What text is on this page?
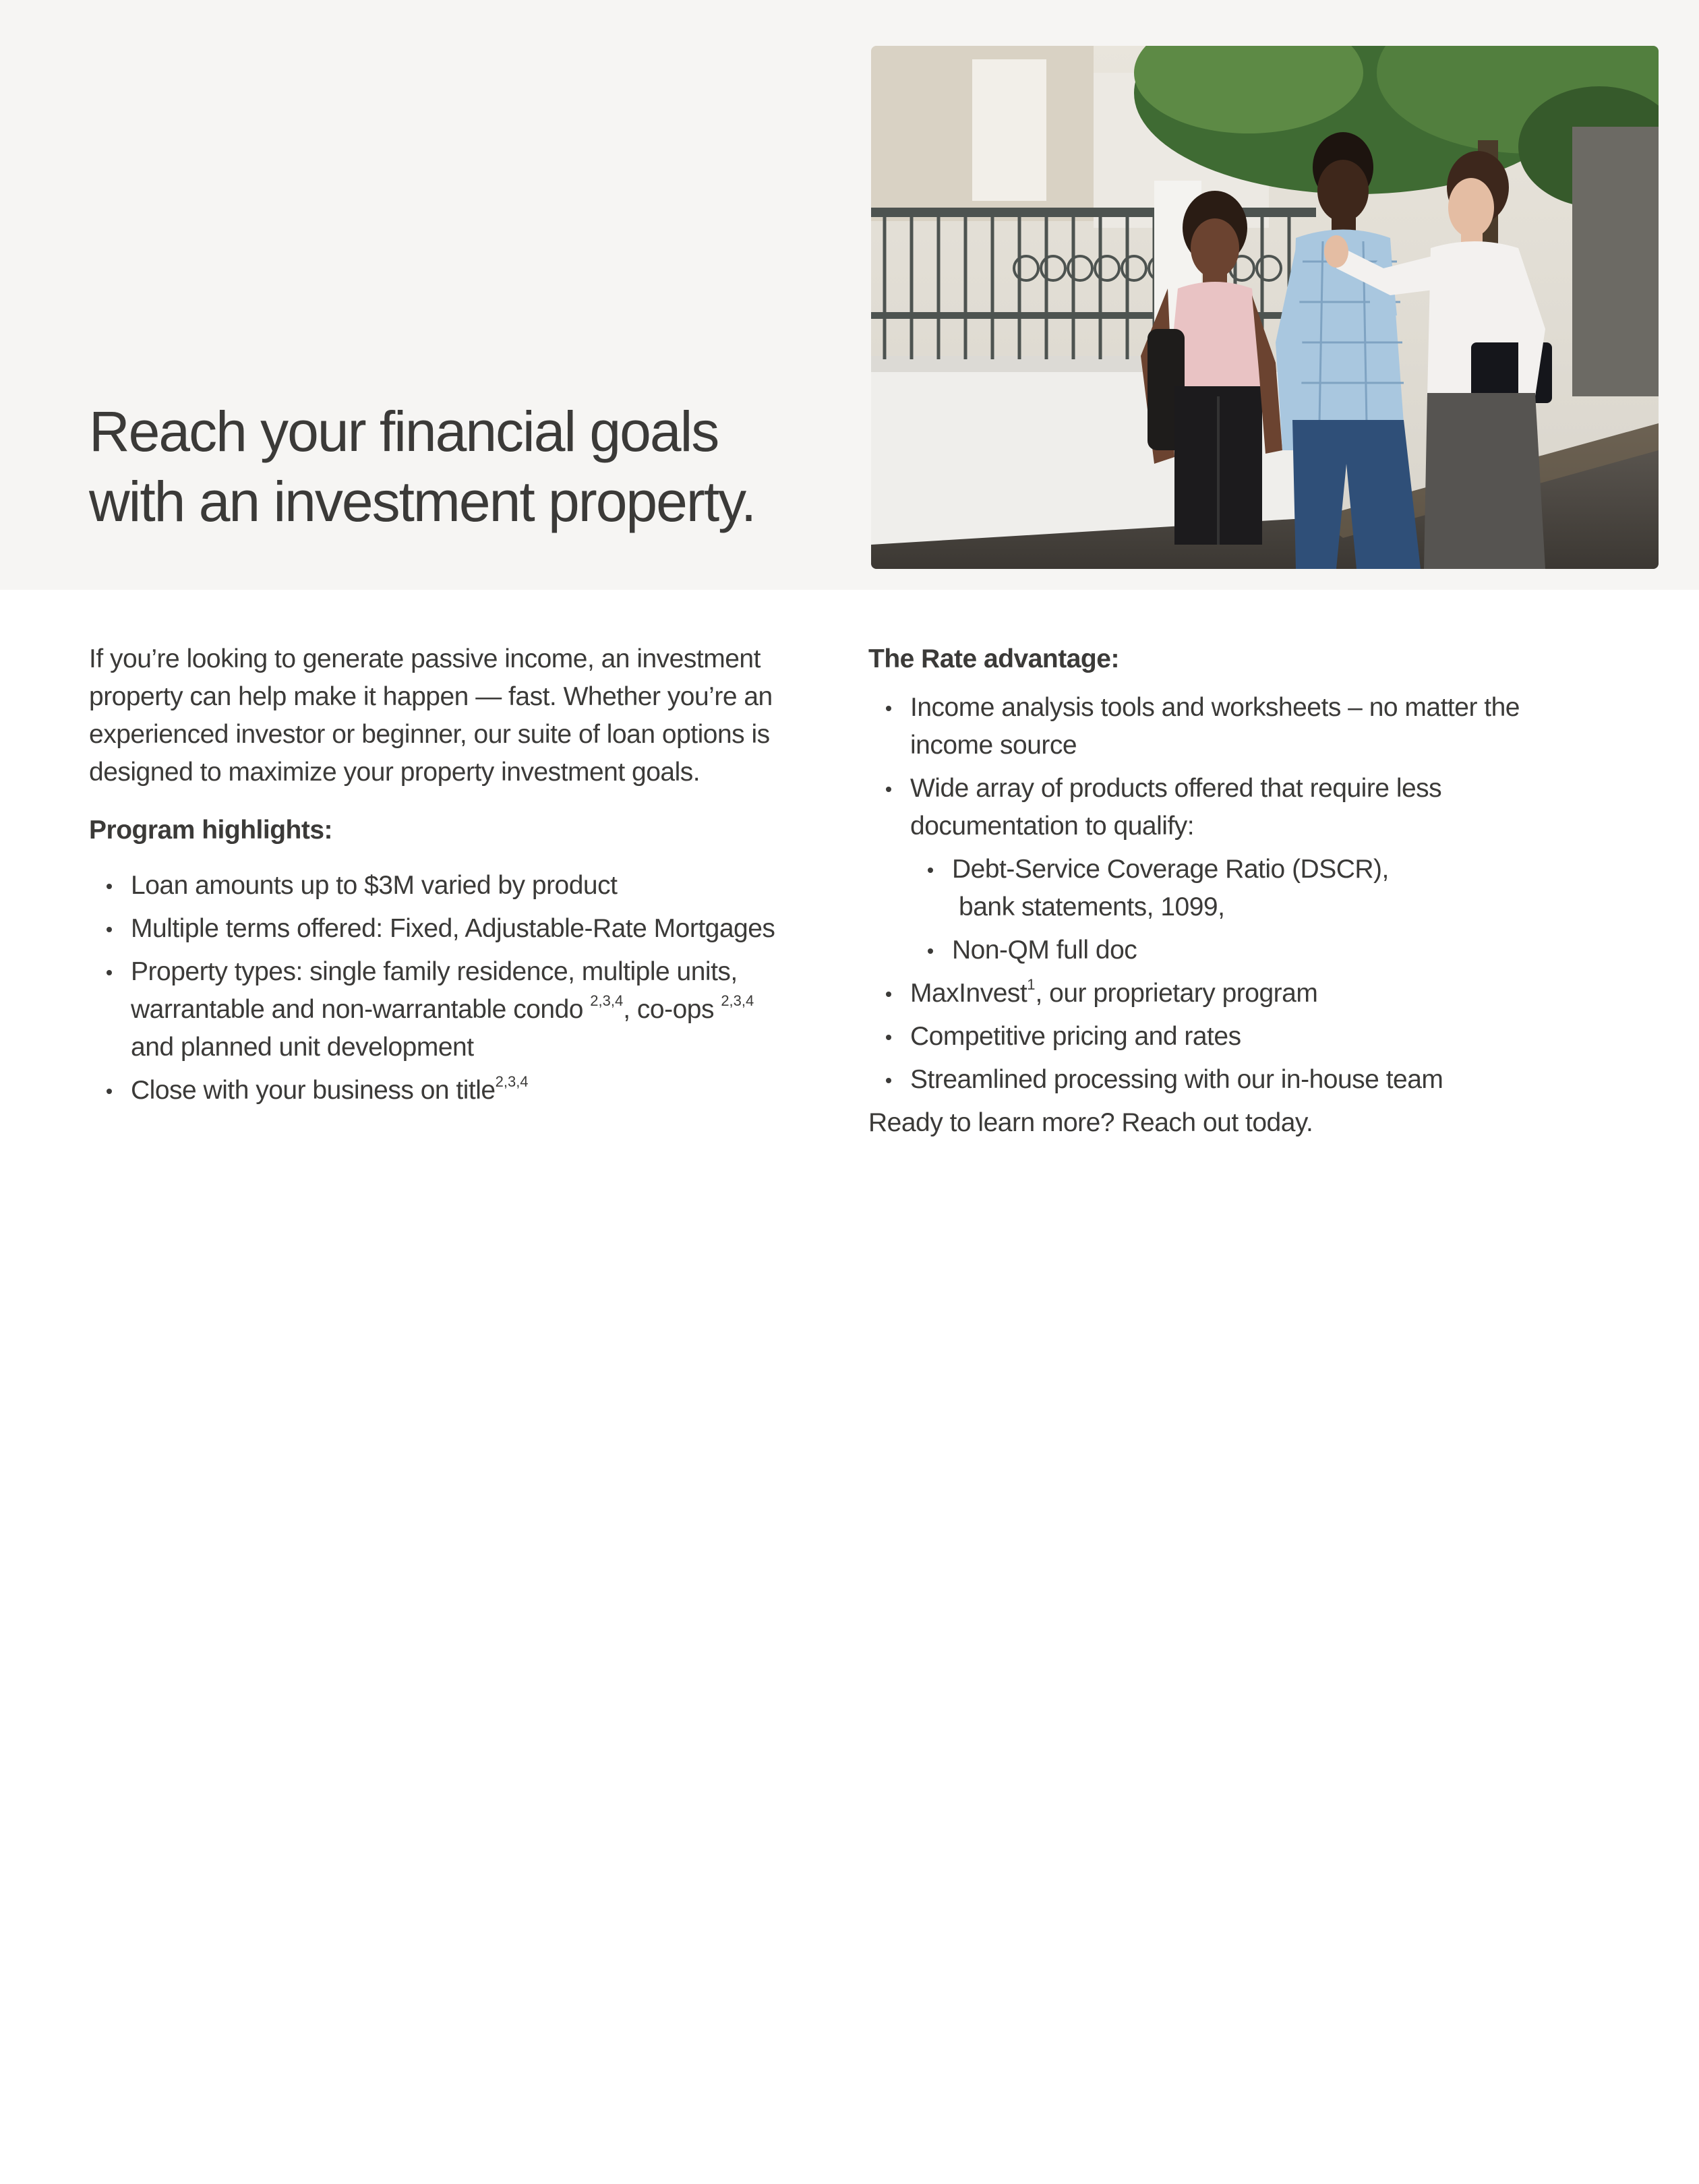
Reach your financial goals
with an investment property.

If you’re looking to generate passive income, an investment property can help make it happen — fast. Whether you’re an experienced investor or beginner, our suite of loan options is designed to maximize your property investment goals.

Program highlights:
Loan amounts up to $3M varied by product
Multiple terms offered: Fixed, Adjustable-Rate Mortgages
Property types: single family residence, multiple units, warrantable and non-warrantable condo $^{2,3,4}$, co-ops $^{2,3,4}$ and planned unit development
Close with your business on title$^{2,3,4}$
The Rate advantage:
Income analysis tools and worksheets – no matter the income source
Wide array of products offered that require less documentation to qualify:
Debt-Service Coverage Ratio (DSCR),
bank statements, 1099,
Non-QM full doc
MaxInvest$^1$, our proprietary program
Competitive pricing and rates
Streamlined processing with our in-house team

Ready to learn more? Reach out today.
